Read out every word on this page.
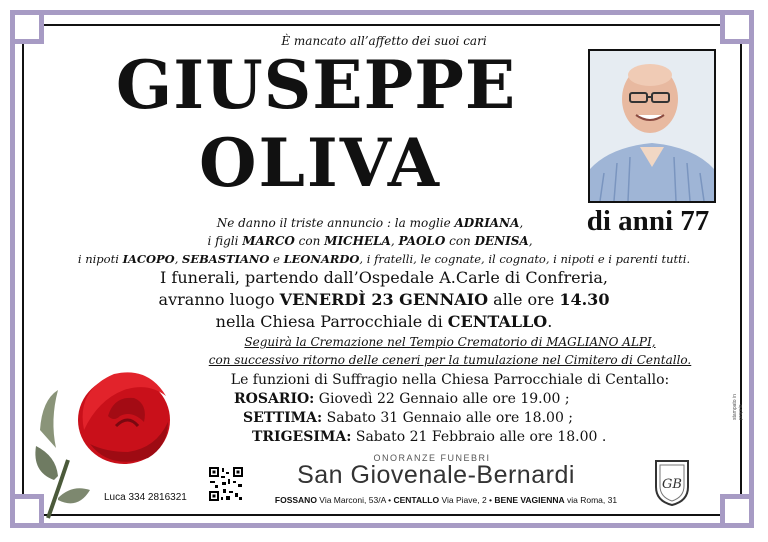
È mancato all’affetto dei suoi cari
GIUSEPPE
OLIVA
di anni 77
Ne danno il triste annuncio : la moglie ADRIANA,
i figli MARCO con MICHELA, PAOLO con DENISA,
i nipoti IACOPO, SEBASTIANO e LEONARDO, i fratelli, le cognate, il cognato, i nipoti e i parenti tutti.
I funerali, partendo dall’Ospedale A.Carle di Confreria,
avranno luogo VENERDÌ 23 GENNAIO alle ore 14.30
nella Chiesa Parrocchiale di CENTALLO.
Seguirà la Cremazione nel Tempio Crematorio di MAGLIANO ALPI,
con successivo ritorno delle ceneri per la tumulazione nel Cimitero di Centallo.
Le funzioni di Suffragio nella Chiesa Parrocchiale di Centallo:
ROSARIO: Giovedì 22 Gennaio alle ore 19.00 ;
SETTIMA: Sabato 31 Gennaio alle ore 18.00 ;
TRIGESIMA: Sabato 21 Febbraio alle ore 18.00 .
Luca 334 2816321
ONORANZE FUNEBRI
San Giovenale-Bernardi
FOSSANO Via Marconi, 53/A • CENTALLO Via Piave, 2 • BENE VAGIENNA via Roma, 31
GB
stampato in proprio
